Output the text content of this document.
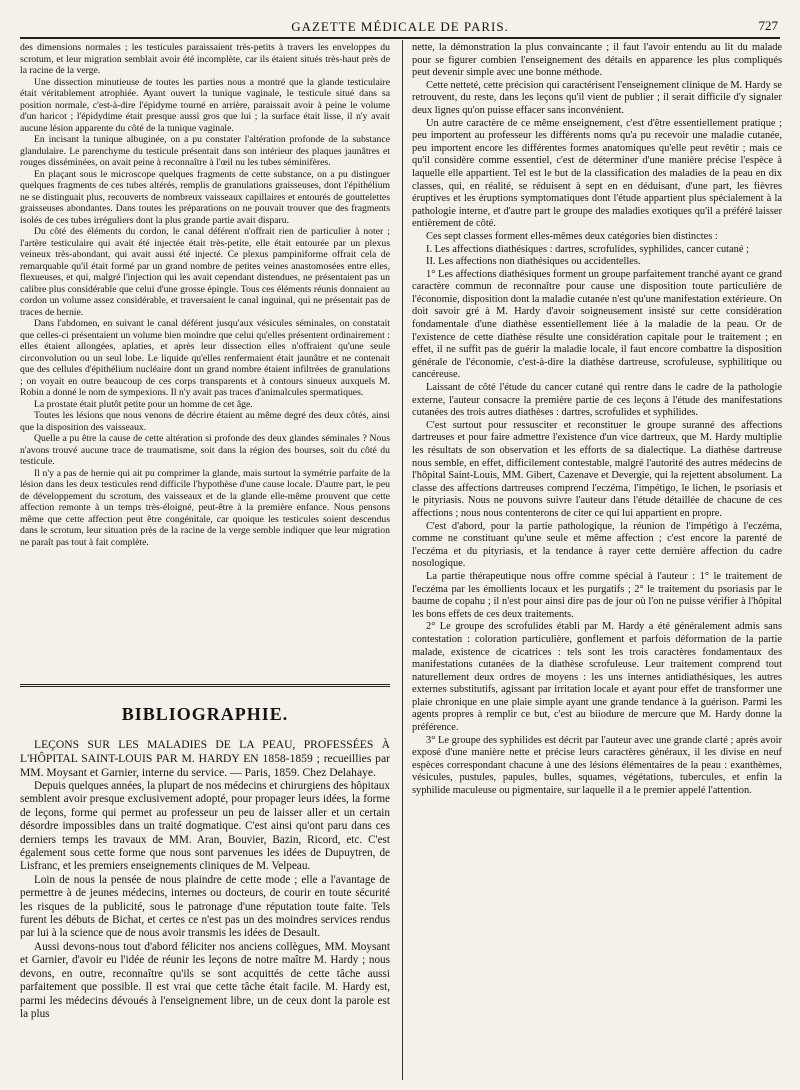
GAZETTE MÉDICALE DE PARIS.	727

des dimensions normales ; les testicules paraissaient très-petits à travers les enveloppes du scrotum, et leur migration semblait avoir été incomplète, car ils étaient situés très-haut près de la racine de la verge.

Une dissection minutieuse de toutes les parties nous a montré que la glande testiculaire était véritablement atrophiée. Ayant ouvert la tunique vaginale, le testicule situé dans sa position normale, c'est-à-dire l'épidyme tourné en arrière, paraissait avoir à peine le volume d'un haricot ; l'épidydime était presque aussi gros que lui ; la surface était lisse, il n'y avait aucune lésion apparente du côté de la tunique vaginale.

En incisant la tunique albuginée, on a pu constater l'altération profonde de la substance glandulaire. Le parenchyme du testicule présentait dans son intérieur des plaques jaunâtres et rouges disséminées, on avait peine à reconnaître à l'œil nu les tubes séminifères.

En plaçant sous le microscope quelques fragments de cette substance, on a pu distinguer quelques fragments de ces tubes altérés, remplis de granulations graisseuses, dont l'épithélium ne se distinguait plus, recouverts de nombreux vaisseaux capillaires et entourés de gouttelettes graisseuses abondantes. Dans toutes les préparations on ne pouvait trouver que des fragments isolés de ces tubes irréguliers dont la plus grande partie avait disparu.

Du côté des éléments du cordon, le canal déférent n'offrait rien de particulier à noter ; l'artère testiculaire qui avait été injectée était très-petite, elle était entourée par un plexus veineux très-abondant, qui avait aussi été injecté. Ce plexus pampiniforme offrait cela de remarquable qu'il était formé par un grand nombre de petites veines anastomosées entre elles, flexueuses, et qui, malgré l'injection qui les avait cependant distendues, ne présentaient pas un calibre plus considérable que celui d'une grosse épingle. Tous ces éléments réunis donnaient au cordon un volume assez considérable, et traversaient le canal inguinal, qui ne présentait pas de traces de hernie.

Dans l'abdomen, en suivant le canal déférent jusqu'aux vésicules séminales, on constatait que celles-ci présentaient un volume bien moindre que celui qu'elles présentent ordinairement : elles étaient allongées, aplaties, et après leur dissection elles n'offraient qu'une seule circonvolution ou un seul lobe. Le liquide qu'elles renfermaient était jaunâtre et ne contenait que des cellules d'épithélium nucléaire dont un grand nombre étaient infiltrées de granulations ; on voyait en outre beaucoup de ces corps transparents et à contours sinueux auxquels M. Robin a donné le nom de sympexions. Il n'y avait pas traces d'animalcules spermatiques.

La prostate était plutôt petite pour un homme de cet âge.

Toutes les lésions que nous venons de décrire étaient au même degré des deux côtés, ainsi que la disposition des vaisseaux.

Quelle a pu être la cause de cette altération si profonde des deux glandes séminales ? Nous n'avons trouvé aucune trace de traumatisme, soit dans la région des bourses, soit du côté du testicule.

Il n'y a pas de hernie qui ait pu comprimer la glande, mais surtout la symétrie parfaite de la lésion dans les deux testicules rend difficile l'hypothèse d'une cause locale. D'autre part, le peu de développement du scrotum, des vaisseaux et de la glande elle-même prouvent que cette affection remonte à un temps très-éloigné, peut-être à la première enfance. Nous pensons même que cette affection peut être congénitale, car quoique les testicules soient descendus dans le scrotum, leur situation près de la racine de la verge semble indiquer que leur migration ne paraît pas tout à fait complète.

BIBLIOGRAPHIE.

LEÇONS SUR LES MALADIES DE LA PEAU, PROFESSÉES À L'HÔPITAL SAINT-LOUIS PAR M. HARDY EN 1858-1859 ; recueillies par MM. Moysant et Garnier, interne du service. — Paris, 1859. Chez Delahaye.

Depuis quelques années, la plupart de nos médecins et chirurgiens des hôpitaux semblent avoir presque exclusivement adopté, pour propager leurs idées, la forme de leçons, forme qui permet au professeur un peu de laisser aller et un certain désordre impossibles dans un traité dogmatique. C'est ainsi qu'ont paru dans ces derniers temps les travaux de MM. Aran, Bouvier, Bazin, Ricord, etc. C'est également sous cette forme que nous sont parvenues les idées de Dupuytren, de Lisfranc, et les premiers enseignements cliniques de M. Velpeau.

Loin de nous la pensée de nous plaindre de cette mode ; elle a l'avantage de permettre à de jeunes médecins, internes ou docteurs, de courir en toute sécurité les risques de la publicité, sous le patronage d'une réputation toute faite. Tels furent les débuts de Bichat, et certes ce n'est pas un des moindres services rendus par lui à la science que de nous avoir transmis les idées de Desault.

Aussi devons-nous tout d'abord féliciter nos anciens collègues, MM. Moysant et Garnier, d'avoir eu l'idée de réunir les leçons de notre maître M. Hardy ; nous devons, en outre, reconnaître qu'ils se sont acquittés de cette tâche aussi parfaitement que possible. Il est vrai que cette tâche était facile. M. Hardy est, parmi les médecins dévoués à l'enseignement libre, un de ceux dont la parole est la plus

nette, la démonstration la plus convaincante ; il faut l'avoir entendu au lit du malade pour se figurer combien l'enseignement des détails en apparence les plus compliqués peut devenir simple avec une bonne méthode.

Cette netteté, cette précision qui caractérisent l'enseignement clinique de M. Hardy se retrouvent, du reste, dans les leçons qu'il vient de publier ; il serait difficile d'y signaler deux lignes qu'on puisse effacer sans inconvénient.

Un autre caractère de ce même enseignement, c'est d'être essentiellement pratique ; peu importent au professeur les différents noms qu'a pu recevoir une maladie cutanée, peu importent encore les différentes formes anatomiques qu'elle peut revêtir ; mais ce qu'il considère comme essentiel, c'est de déterminer d'une manière précise l'espèce à laquelle elle appartient. Tel est le but de la classification des maladies de la peau en dix classes, qui, en réalité, se réduisent à sept en en déduisant, d'une part, les fièvres éruptives et les éruptions symptomatiques dont l'étude appartient plus spécialement à la pathologie interne, et d'autre part le groupe des maladies exotiques qu'il a préféré laisser entièrement de côté.

Ces sept classes forment elles-mêmes deux catégories bien distinctes :

I. Les affections diathésiques : dartres, scrofulides, syphilides, cancer cutané ;

II. Les affections non diathésiques ou accidentelles.

1° Les affections diathésiques forment un groupe parfaitement tranché ayant ce grand caractère commun de reconnaître pour cause une disposition toute particulière de l'économie, disposition dont la maladie cutanée n'est qu'une manifestation extérieure. On doit savoir gré à M. Hardy d'avoir soigneusement insisté sur cette considération fondamentale d'une diathèse essentiellement liée à la maladie de la peau. Or de l'existence de cette diathèse résulte une considération capitale pour le traitement ; en effet, il ne suffit pas de guérir la maladie locale, il faut encore combattre la disposition générale de l'économie, c'est-à-dire la diathèse dartreuse, scrofuleuse, syphilitique ou cancéreuse.

Laissant de côté l'étude du cancer cutané qui rentre dans le cadre de la pathologie externe, l'auteur consacre la première partie de ces leçons à l'étude des manifestations cutanées des trois autres diathèses : dartres, scrofulides et syphilides.

C'est surtout pour ressusciter et reconstituer le groupe suranné des affections dartreuses et pour faire admettre l'existence d'un vice dartreux, que M. Hardy multiplie les résultats de son observation et les efforts de sa dialectique. La diathèse dartreuse nous semble, en effet, difficilement contestable, malgré l'autorité des autres médecins de l'hôpital Saint-Louis, MM. Gibert, Cazenave et Devergie, qui la rejettent absolument. La classe des affections dartreuses comprend l'eczéma, l'impétigo, le lichen, le psoriasis et le pityriasis. Nous ne pouvons suivre l'auteur dans l'étude détaillée de chacune de ces affections ; nous nous contenterons de citer ce qui lui appartient en propre.

C'est d'abord, pour la partie pathologique, la réunion de l'impétigo à l'eczéma, comme ne constituant qu'une seule et même affection ; c'est encore la parenté de l'eczéma et du pityriasis, et la tendance à rayer cette dernière affection du cadre nosologique.

La partie thérapeutique nous offre comme spécial à l'auteur : 1° le traitement de l'eczéma par les émollients locaux et les purgatifs ; 2° le traitement du psoriasis par le baume de copahu ; il n'est pour ainsi dire pas de jour où l'on ne puisse vérifier à l'hôpital les bons effets de ces deux traitements.

2° Le groupe des scrofulides établi par M. Hardy a été généralement admis sans contestation : coloration particulière, gonflement et parfois déformation de la partie malade, existence de cicatrices : tels sont les trois caractères fondamentaux des manifestations cutanées de la diathèse scrofuleuse. Leur traitement comprend tout naturellement deux ordres de moyens : les uns internes antidiathésiques, les autres externes substitutifs, agissant par irritation locale et ayant pour effet de transformer une plaie chronique en une plaie simple ayant une grande tendance à la guérison. Parmi les agents propres à remplir ce but, c'est au biiodure de mercure que M. Hardy donne la préférence.

3° Le groupe des syphilides est décrit par l'auteur avec une grande clarté ; après avoir exposé d'une manière nette et précise leurs caractères généraux, il les divise en neuf espèces correspondant chacune à une des lésions élémentaires de la peau : exanthèmes, vésicules, pustules, papules, bulles, squames, végétations, tubercules, et enfin la syphilide maculeuse ou pigmentaire, sur laquelle il a le premier appelé l'attention.
